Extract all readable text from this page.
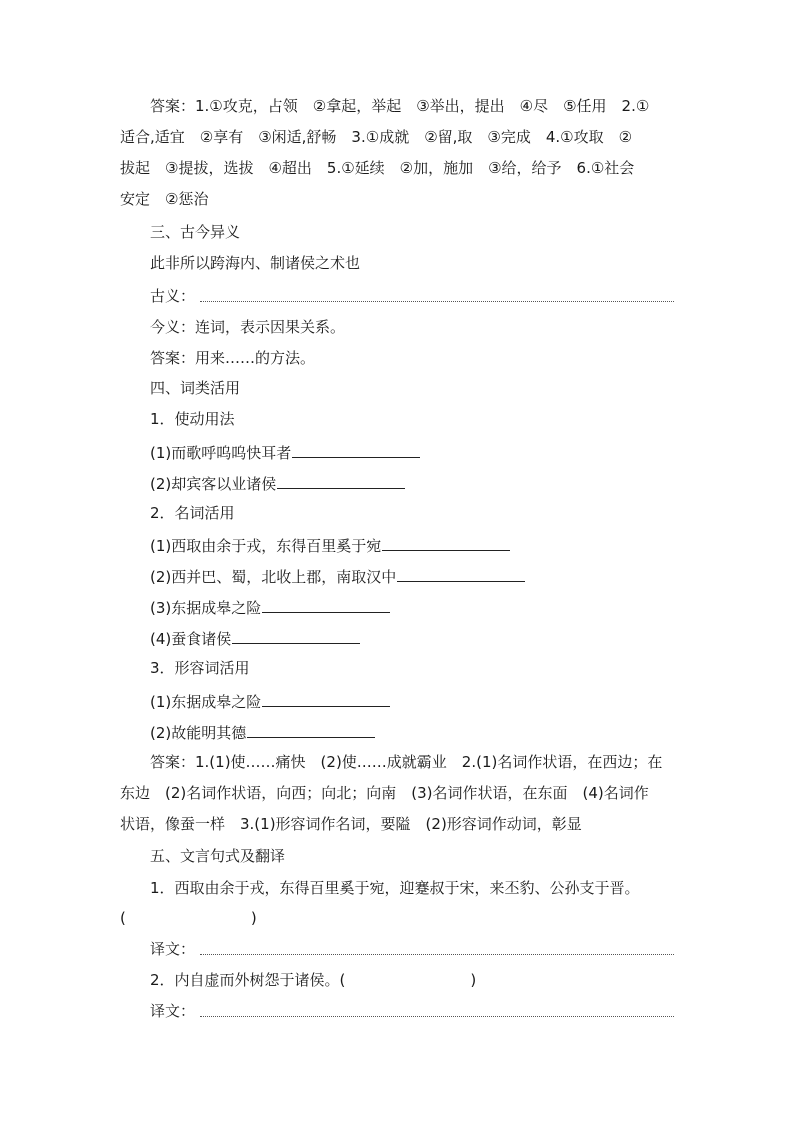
答案：1.①攻克，占领　②拿起，举起　③举出，提出　④尽　⑤任用　2.①
适合,适宜　②享有　③闲适,舒畅　3.①成就　②留,取　③完成　4.①攻取　②
拔起　③提拔，选拔　④超出　5.①延续　②加，施加　③给，给予　6.①社会
安定　②惩治
三、古今异义
此非所以跨海内、制诸侯之术也
古义：
今义：连词，表示因果关系。
答案：用来……的方法。
四、词类活用
1．使动用法
(1)而歌呼呜呜快耳者
(2)却宾客以业诸侯
2．名词活用
(1)西取由余于戎，东得百里奚于宛
(2)西并巴、蜀，北收上郡，南取汉中
(3)东据成皋之险
(4)蚕食诸侯
3．形容词活用
(1)东据成皋之险
(2)故能明其德
答案：1.(1)使……痛快　(2)使……成就霸业　2.(1)名词作状语，在西边；在
东边　(2)名词作状语，向西；向北；向南　(3)名词作状语，在东面　(4)名词作
状语，像蚕一样　3.(1)形容词作名词，要隘　(2)形容词作动词，彰显
五、文言句式及翻译
1．西取由余于戎，东得百里奚于宛，迎蹇叔于宋，来丕豹、公孙支于晋。
(	)
译文：
2．内自虚而外树怨于诸侯。(	)
译文：
